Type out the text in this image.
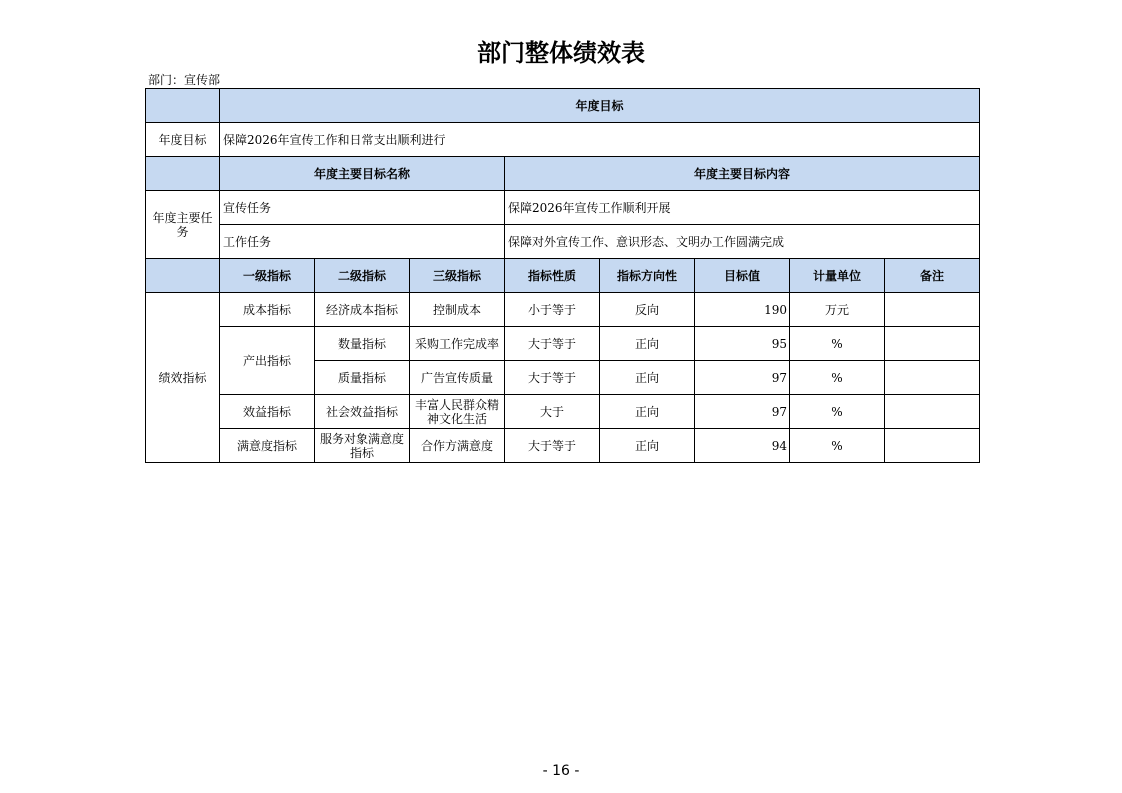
部门整体绩效表
部门：宣传部
	年度目标							
年度目标	保障2026年宣传工作和日常支出顺利进行							
	年度主要目标名称			年度主要目标内容				
年度主要任务	宣传任务			保障2026年宣传工作顺利开展				
	工作任务			保障对外宣传工作、意识形态、文明办工作圆满完成				
	一级指标	二级指标	三级指标	指标性质	指标方向性	目标值	计量单位	备注
绩效指标	成本指标	经济成本指标	控制成本	小于等于	反向	190	万元	
	产出指标	数量指标	采购工作完成率	大于等于	正向	95	%	
		质量指标	广告宣传质量	大于等于	正向	97	%	
	效益指标	社会效益指标	丰富人民群众精神文化生活	大于	正向	97	%	
	满意度指标	服务对象满意度指标	合作方满意度	大于等于	正向	94	%	
- 16 -
